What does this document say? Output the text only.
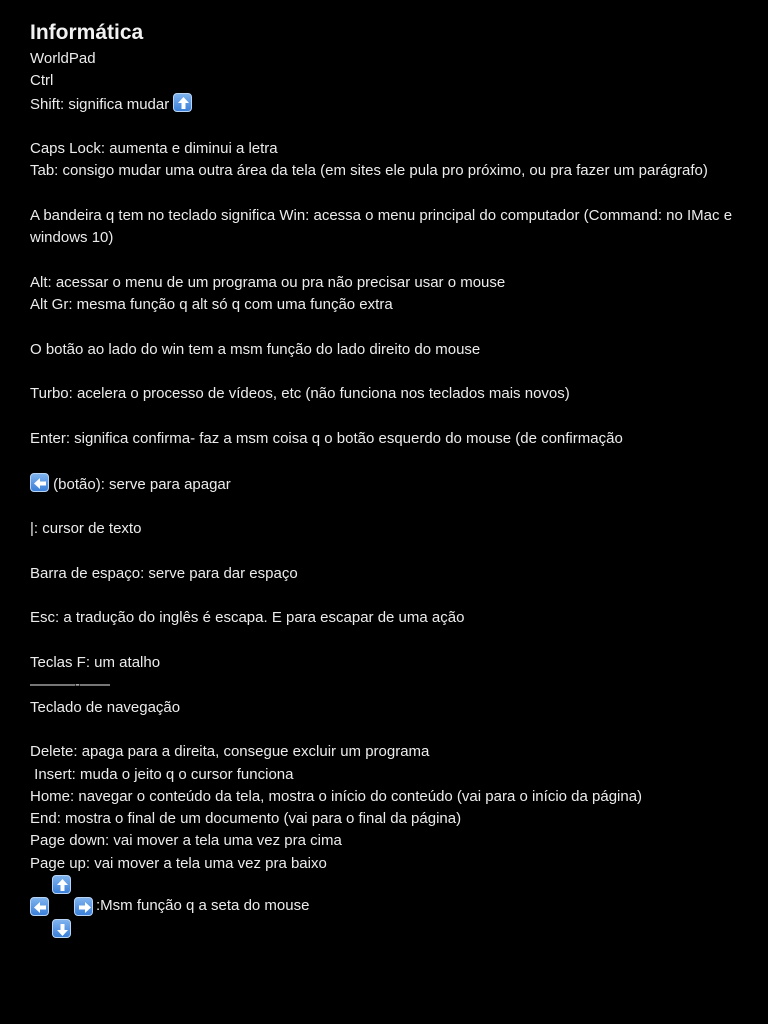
Informática
WorldPad
Ctrl
Shift: significa mudar
Caps Lock: aumenta e diminui a letra
Tab: consigo mudar uma outra área da tela (em sites ele pula pro próximo, ou pra fazer um parágrafo)
A bandeira q tem no teclado significa Win: acessa o menu principal do computador (Command: no IMac e windows 10)
Alt: acessar o menu de um programa ou pra não precisar usar o mouse
Alt Gr: mesma função q alt só q com uma função extra
O botão ao lado do win tem a msm função do lado direito do mouse
Turbo: acelera o processo de vídeos, etc (não funciona nos teclados mais novos)
Enter: significa confirma- faz a msm coisa q o botão esquerdo do mouse (de confirmação
(botão): serve para apagar
|: cursor de texto
Barra de espaço: serve para dar espaço
Esc: a tradução do inglês é escapa. E para escapar de uma ação
Teclas F: um atalho
———-——
Teclado de navegação
Delete: apaga para a direita, consegue excluir um programa
Insert: muda o jeito q o cursor funciona
Home: navegar o conteúdo da tela, mostra o início do conteúdo (vai para o início da página)
End: mostra o final de um documento (vai para o final da página)
Page down: vai mover a tela uma vez pra cima
Page up: vai mover a tela uma vez pra baixo
:Msm função q a seta do mouse
